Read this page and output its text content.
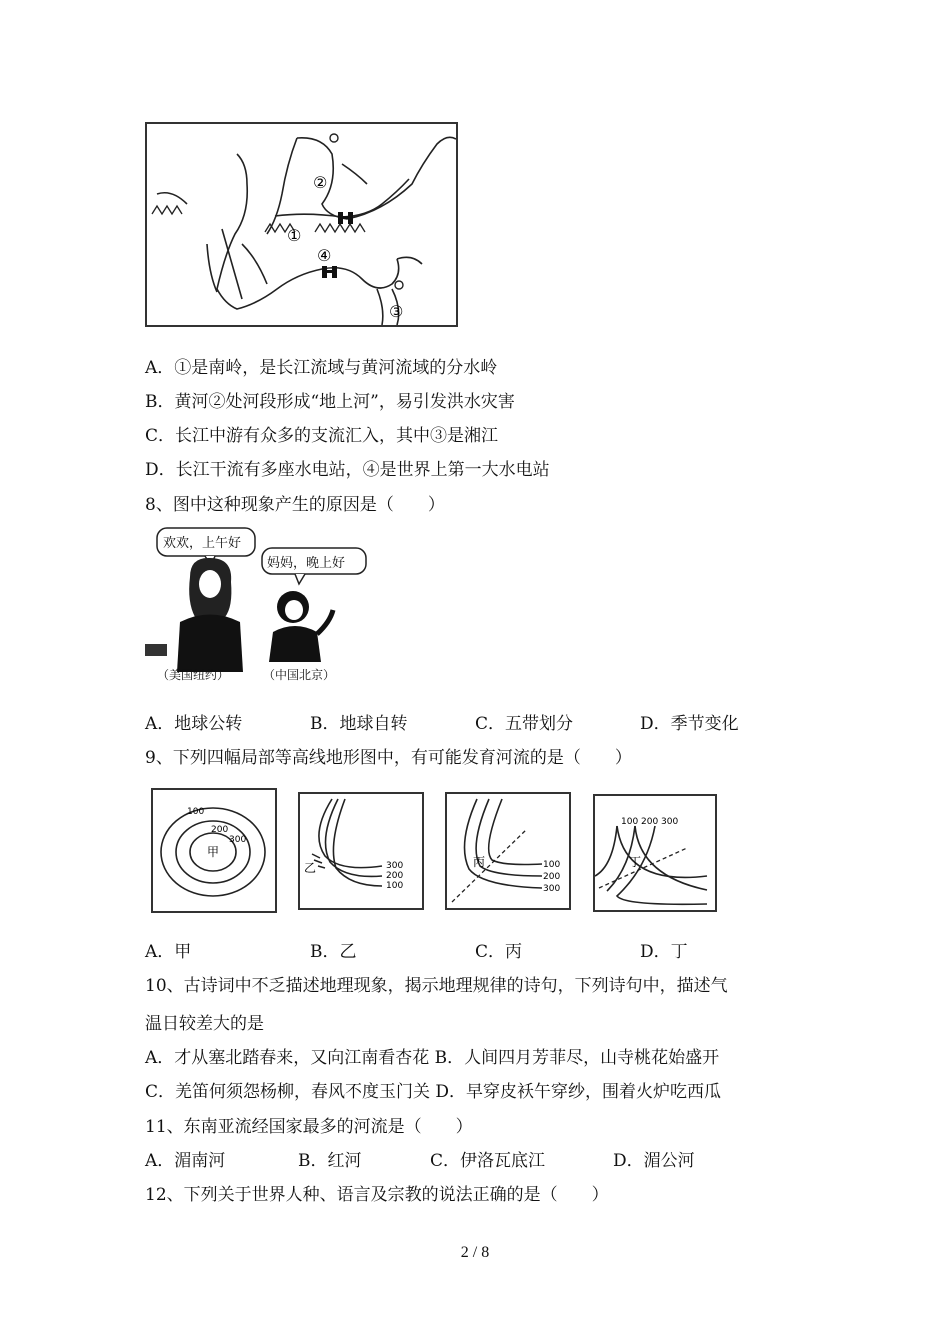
①
②
③
④
A．①是南岭，是长江流域与黄河流域的分水岭
B．黄河②处河段形成“地上河”，易引发洪水灾害
C．长江中游有众多的支流汇入，其中③是湘江
D．长江干流有多座水电站，④是世界上第一大水电站
8、图中这种现象产生的原因是（　　）
欢欢，上午好
妈妈，晚上好
（美国纽约）	（中国北京）
A．地球公转	B．地球自转	C．五带划分	D．季节变化
9、下列四幅局部等高线地形图中，有可能发育河流的是（　　）
100
200
300
甲
300
200
100
乙	100
200
300
丙
100 200 300
丁
A．甲	B．乙	C．丙	D．丁
10、古诗词中不乏描述地理现象，揭示地理规律的诗句，下列诗句中，描述气
温日较差大的是
A．才从塞北踏春来，又向江南看杏花 B．人间四月芳菲尽，山寺桃花始盛开
C．羌笛何须怨杨柳，春风不度玉门关 D．早穿皮袄午穿纱，围着火炉吃西瓜
11、东南亚流经国家最多的河流是（　　）
A．湄南河	B．红河	C．伊洛瓦底江	D．湄公河
12、下列关于世界人种、语言及宗教的说法正确的是（　　）
2 / 8
